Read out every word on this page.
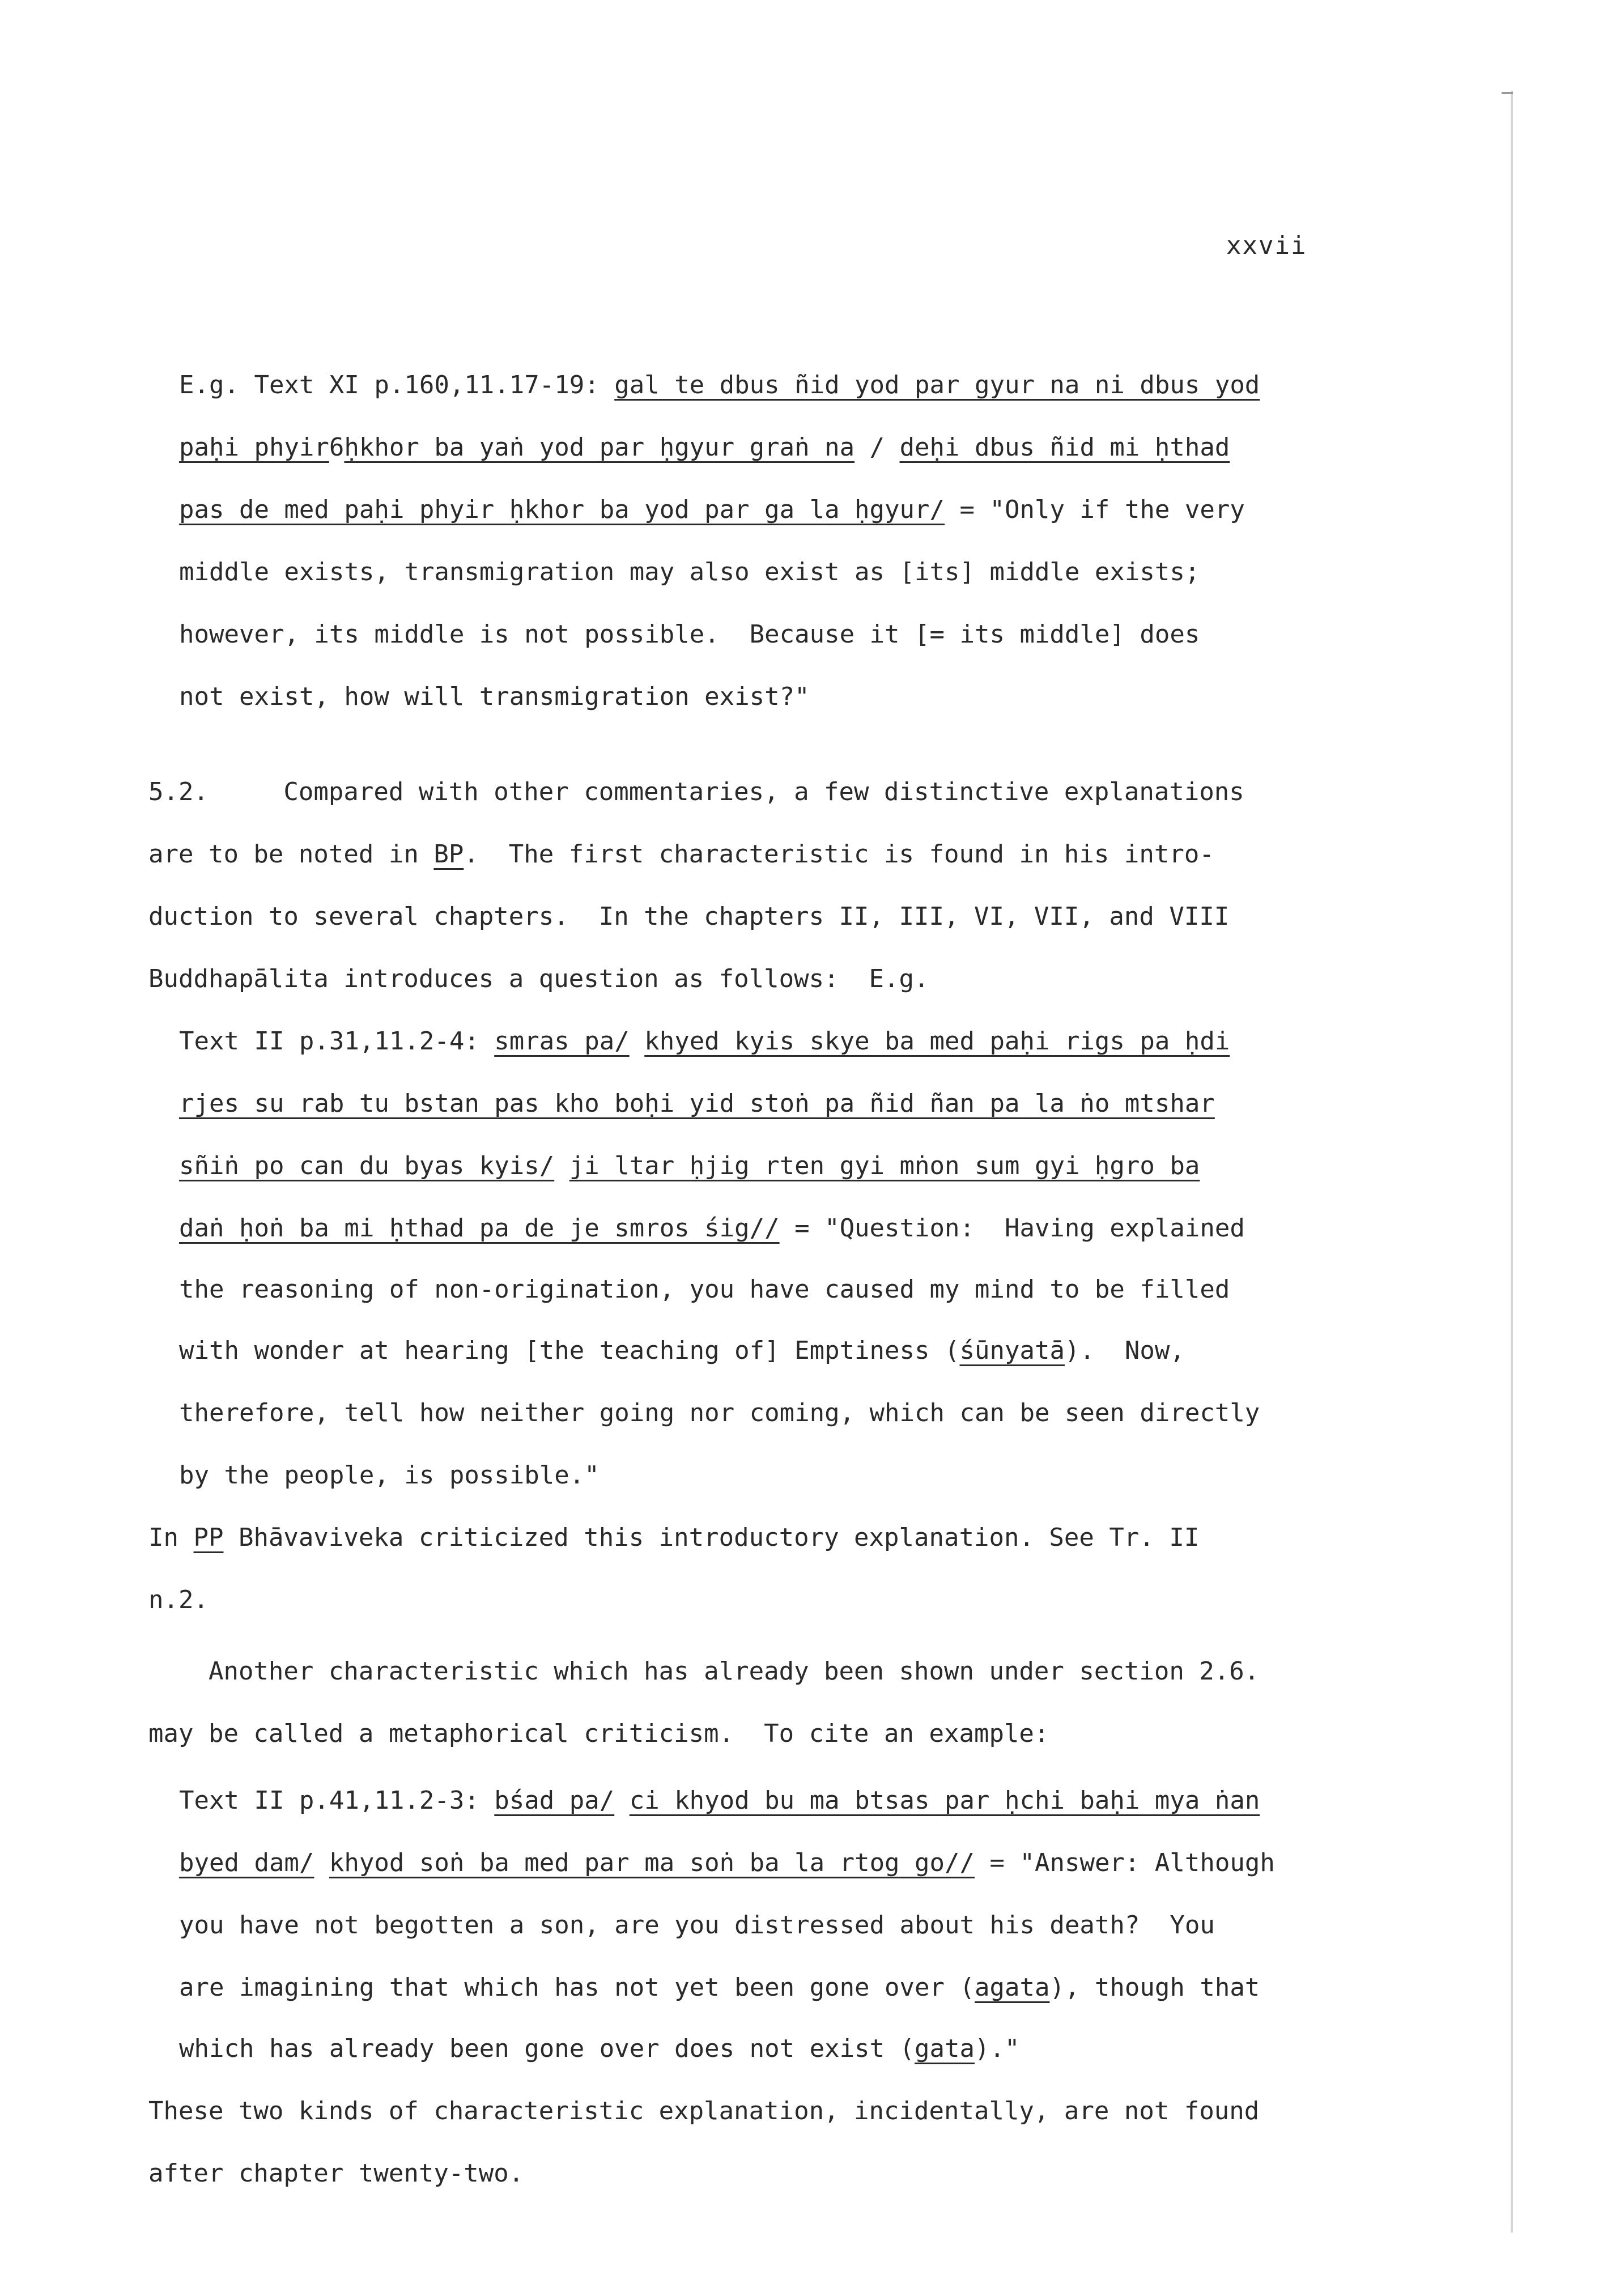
xxvii
E.g. Text XI p.160,11.17-19: gal te dbus ñid yod par gyur na ni dbus yod
paḥi phyir6ḥkhor ba yaṅ yod par ḥgyur graṅ na / deḥi dbus ñid mi ḥthad
pas de med paḥi phyir ḥkhor ba yod par ga la ḥgyur/ = "Only if the very
middle exists, transmigration may also exist as [its] middle exists;
however, its middle is not possible.  Because it [= its middle] does
not exist, how will transmigration exist?"
5.2.     Compared with other commentaries, a few distinctive explanations
are to be noted in BP.  The first characteristic is found in his intro-
duction to several chapters.  In the chapters II, III, VI, VII, and VIII
Buddhapālita introduces a question as follows:  E.g.
Text II p.31,11.2-4: smras pa/ khyed kyis skye ba med paḥi rigs pa ḥdi
rjes su rab tu bstan pas kho boḥi yid stoṅ pa ñid ñan pa la ṅo mtshar
sñiṅ po can du byas kyis/ ji ltar ḥjig rten gyi mṅon sum gyi ḥgro ba
daṅ ḥoṅ ba mi ḥthad pa de je smros śig// = "Question:  Having explained
the reasoning of non-origination, you have caused my mind to be filled
with wonder at hearing [the teaching of] Emptiness (śūnyatā).  Now,
therefore, tell how neither going nor coming, which can be seen directly
by the people, is possible."
In PP Bhāvaviveka criticized this introductory explanation. See Tr. II
n.2.
Another characteristic which has already been shown under section 2.6.
may be called a metaphorical criticism.  To cite an example:
Text II p.41,11.2-3: bśad pa/ ci khyod bu ma btsas par ḥchi baḥi mya ṅan
byed dam/ khyod soṅ ba med par ma soṅ ba la rtog go// = "Answer: Although
you have not begotten a son, are you distressed about his death?  You
are imagining that which has not yet been gone over (agata), though that
which has already been gone over does not exist (gata)."
These two kinds of characteristic explanation, incidentally, are not found
after chapter twenty-two.
